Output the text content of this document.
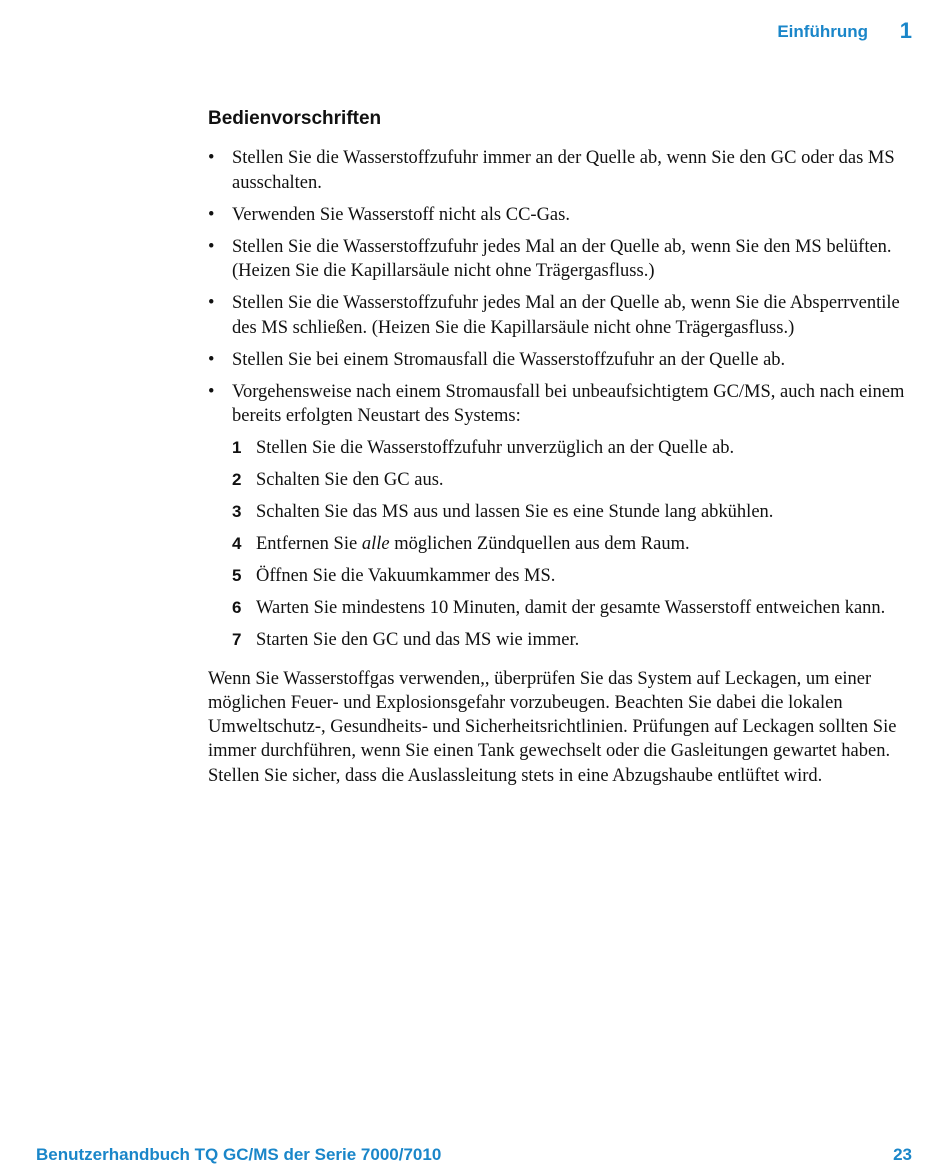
Einführung 1
Bedienvorschriften
• Stellen Sie die Wasserstoffzufuhr immer an der Quelle ab, wenn Sie den GC oder das MS ausschalten.
• Verwenden Sie Wasserstoff nicht als CC-Gas.
• Stellen Sie die Wasserstoffzufuhr jedes Mal an der Quelle ab, wenn Sie den MS belüften. (Heizen Sie die Kapillarsäule nicht ohne Trägergasfluss.)
• Stellen Sie die Wasserstoffzufuhr jedes Mal an der Quelle ab, wenn Sie die Absperrventile des MS schließen. (Heizen Sie die Kapillarsäule nicht ohne Trägergasfluss.)
• Stellen Sie bei einem Stromausfall die Wasserstoffzufuhr an der Quelle ab.
• Vorgehensweise nach einem Stromausfall bei unbeaufsichtigtem GC/MS, auch nach einem bereits erfolgten Neustart des Systems:
1 Stellen Sie die Wasserstoffzufuhr unverzüglich an der Quelle ab.
2 Schalten Sie den GC aus.
3 Schalten Sie das MS aus und lassen Sie es eine Stunde lang abkühlen.
4 Entfernen Sie alle möglichen Zündquellen aus dem Raum.
5 Öffnen Sie die Vakuumkammer des MS.
6 Warten Sie mindestens 10 Minuten, damit der gesamte Wasserstoff entweichen kann.
7 Starten Sie den GC und das MS wie immer.

Wenn Sie Wasserstoffgas verwenden,, überprüfen Sie das System auf Leckagen, um einer möglichen Feuer- und Explosionsgefahr vorzubeugen. Beachten Sie dabei die lokalen Umweltschutz-, Gesundheits- und Sicherheitsrichtlinien. Prüfungen auf Leckagen sollten Sie immer durchführen, wenn Sie einen Tank gewechselt oder die Gasleitungen gewartet haben. Stellen Sie sicher, dass die Auslassleitung stets in eine Abzugshaube entlüftet wird.

Benutzerhandbuch TQ GC/MS der Serie 7000/7010	23
